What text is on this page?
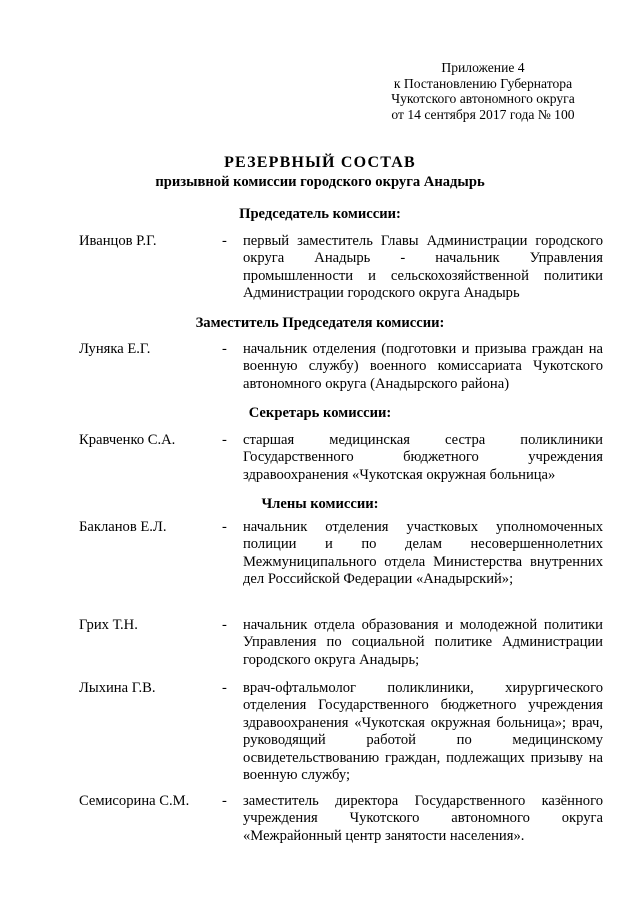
Приложение 4
к Постановлению Губернатора
Чукотского автономного округа
от 14 сентября 2017 года № 100
РЕЗЕРВНЫЙ СОСТАВ
призывной комиссии городского округа Анадырь
Председатель комиссии:
Иванцов Р.Г.	- первый заместитель Главы Администрации городского округа Анадырь - начальник Управления промышленности и сельскохозяйственной политики Администрации городского округа Анадырь
Заместитель Председателя комиссии:
Луняка Е.Г.	- начальник отделения (подготовки и призыва граждан на военную службу) военного комиссариата Чукотского автономного округа (Анадырского района)
Секретарь комиссии:
Кравченко С.А.	- старшая медицинская сестра поликлиники Государственного бюджетного учреждения здравоохранения «Чукотская окружная больница»
Члены комиссии:
Бакланов Е.Л.	- начальник отделения участковых уполномоченных полиции и по делам несовершеннолетних Межмуниципального отдела Министерства внутренних дел Российской Федерации «Анадырский»;
Грих Т.Н.	- начальник отдела образования и молодежной политики Управления по социальной политике Администрации городского округа Анадырь;
Лыхина Г.В.	- врач-офтальмолог поликлиники, хирургического отделения Государственного бюджетного учреждения здравоохранения «Чукотская окружная больница»; врач, руководящий работой по медицинскому освидетельствованию граждан, подлежащих призыву на военную службу;
Семисорина С.М. - заместитель директора Государственного казённого учреждения Чукотского автономного округа «Межрайонный центр занятости населения».
